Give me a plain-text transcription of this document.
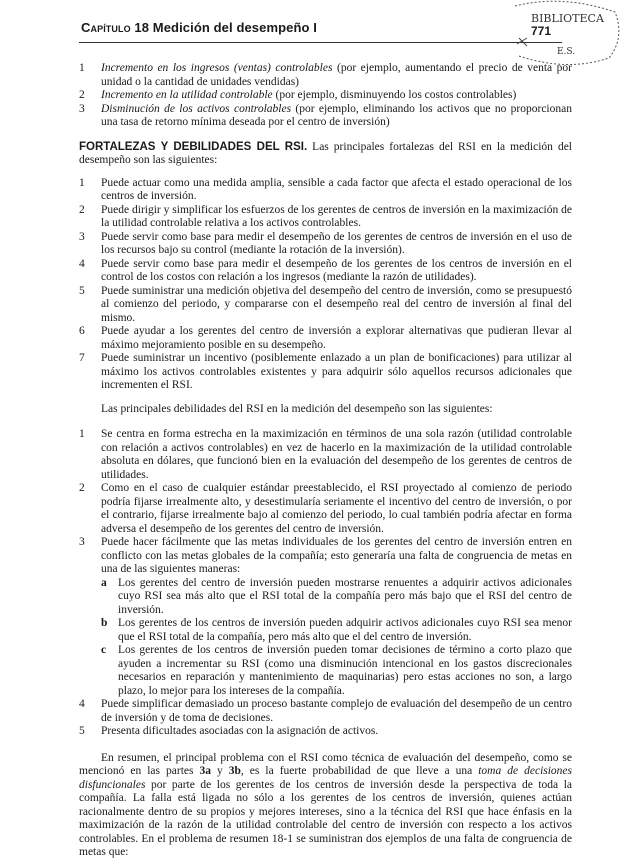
Capítulo 18 Medición del desempeño I
BIBLIOTECA
E.S.
771
1	Incremento en los ingresos (ventas) controlables (por ejemplo, aumentando el precio de venta por unidad o la cantidad de unidades vendidas)
2	Incremento en la utilidad controlable (por ejemplo, disminuyendo los costos controlables)
3	Disminución de los activos controlables (por ejemplo, eliminando los activos que no proporcionan una tasa de retorno mínima deseada por el centro de inversión)
FORTALEZAS Y DEBILIDADES DEL RSI. Las principales fortalezas del RSI en la medición del desempeño son las siguientes:
1	Puede actuar como una medida amplia, sensible a cada factor que afecta el estado operacional de los centros de inversión.
2	Puede dirigir y simplificar los esfuerzos de los gerentes de centros de inversión en la maximización de la utilidad controlable relativa a los activos controlables.
3	Puede servir como base para medir el desempeño de los gerentes de centros de inversión en el uso de los recursos bajo su control (mediante la rotación de la inversión).
4	Puede servir como base para medir el desempeño de los gerentes de los centros de inversión en el control de los costos con relación a los ingresos (mediante la razón de utilidades).
5	Puede suministrar una medición objetiva del desempeño del centro de inversión, como se presupuestó al comienzo del periodo, y compararse con el desempeño real del centro de inversión al final del mismo.
6	Puede ayudar a los gerentes del centro de inversión a explorar alternativas que pudieran llevar al máximo mejoramiento posible en su desempeño.
7	Puede suministrar un incentivo (posiblemente enlazado a un plan de bonificaciones) para utilizar al máximo los activos controlables existentes y para adquirir sólo aquellos recursos adicionales que incrementen el RSI.
Las principales debilidades del RSI en la medición del desempeño son las siguientes:
1	Se centra en forma estrecha en la maximización en términos de una sola razón (utilidad controlable con relación a activos controlables) en vez de hacerlo en la maximización de la utilidad controlable absoluta en dólares, que funcionó bien en la evaluación del desempeño de los gerentes de centros de utilidades.
2	Como en el caso de cualquier estándar preestablecido, el RSI proyectado al comienzo de periodo podría fijarse irrealmente alto, y desestimularía seriamente el incentivo del centro de inversión, o por el contrario, fijarse irrealmente bajo al comienzo del periodo, lo cual también podría afectar en forma adversa el desempeño de los gerentes del centro de inversión.
3	Puede hacer fácilmente que las metas individuales de los gerentes del centro de inversión entren en conflicto con las metas globales de la compañía; esto generaría una falta de congruencia de metas en una de las siguientes maneras:
a Los gerentes del centro de inversión pueden mostrarse renuentes a adquirir activos adicionales cuyo RSI sea más alto que el RSI total de la compañía pero más bajo que el RSI del centro de inversión.
b Los gerentes de los centros de inversión pueden adquirir activos adicionales cuyo RSI sea menor que el RSI total de la compañía, pero más alto que el del centro de inversión.
c	Los gerentes de los centros de inversión pueden tomar decisiones de término a corto plazo que ayuden a incrementar su RSI (como una disminución intencional en los gastos discrecionales necesarios en reparación y mantenimiento de maquinarias) pero estas acciones no son, a largo plazo, lo mejor para los intereses de la compañía.
4	Puede simplificar demasiado un proceso bastante complejo de evaluación del desempeño de un centro de inversión y de toma de decisiones.
5	Presenta dificultades asociadas con la asignación de activos.
En resumen, el principal problema con el RSI como técnica de evaluación del desempeño, como se mencionó en las partes 3a y 3b, es la fuerte probabilidad de que lleve a una toma de decisiones disfuncionales por parte de los gerentes de los centros de inversión desde la perspectiva de toda la compañía. La falla está ligada no sólo a los gerentes de los centros de inversión, quienes actúan racionalmente dentro de su propios y mejores intereses, sino a la técnica del RSI que hace énfasis en la maximización de la razón de la utilidad controlable del centro de inversión con respecto a los activos controlables. En el problema de resumen 18-1 se suministran dos ejemplos de una falta de congruencia de metas que:
